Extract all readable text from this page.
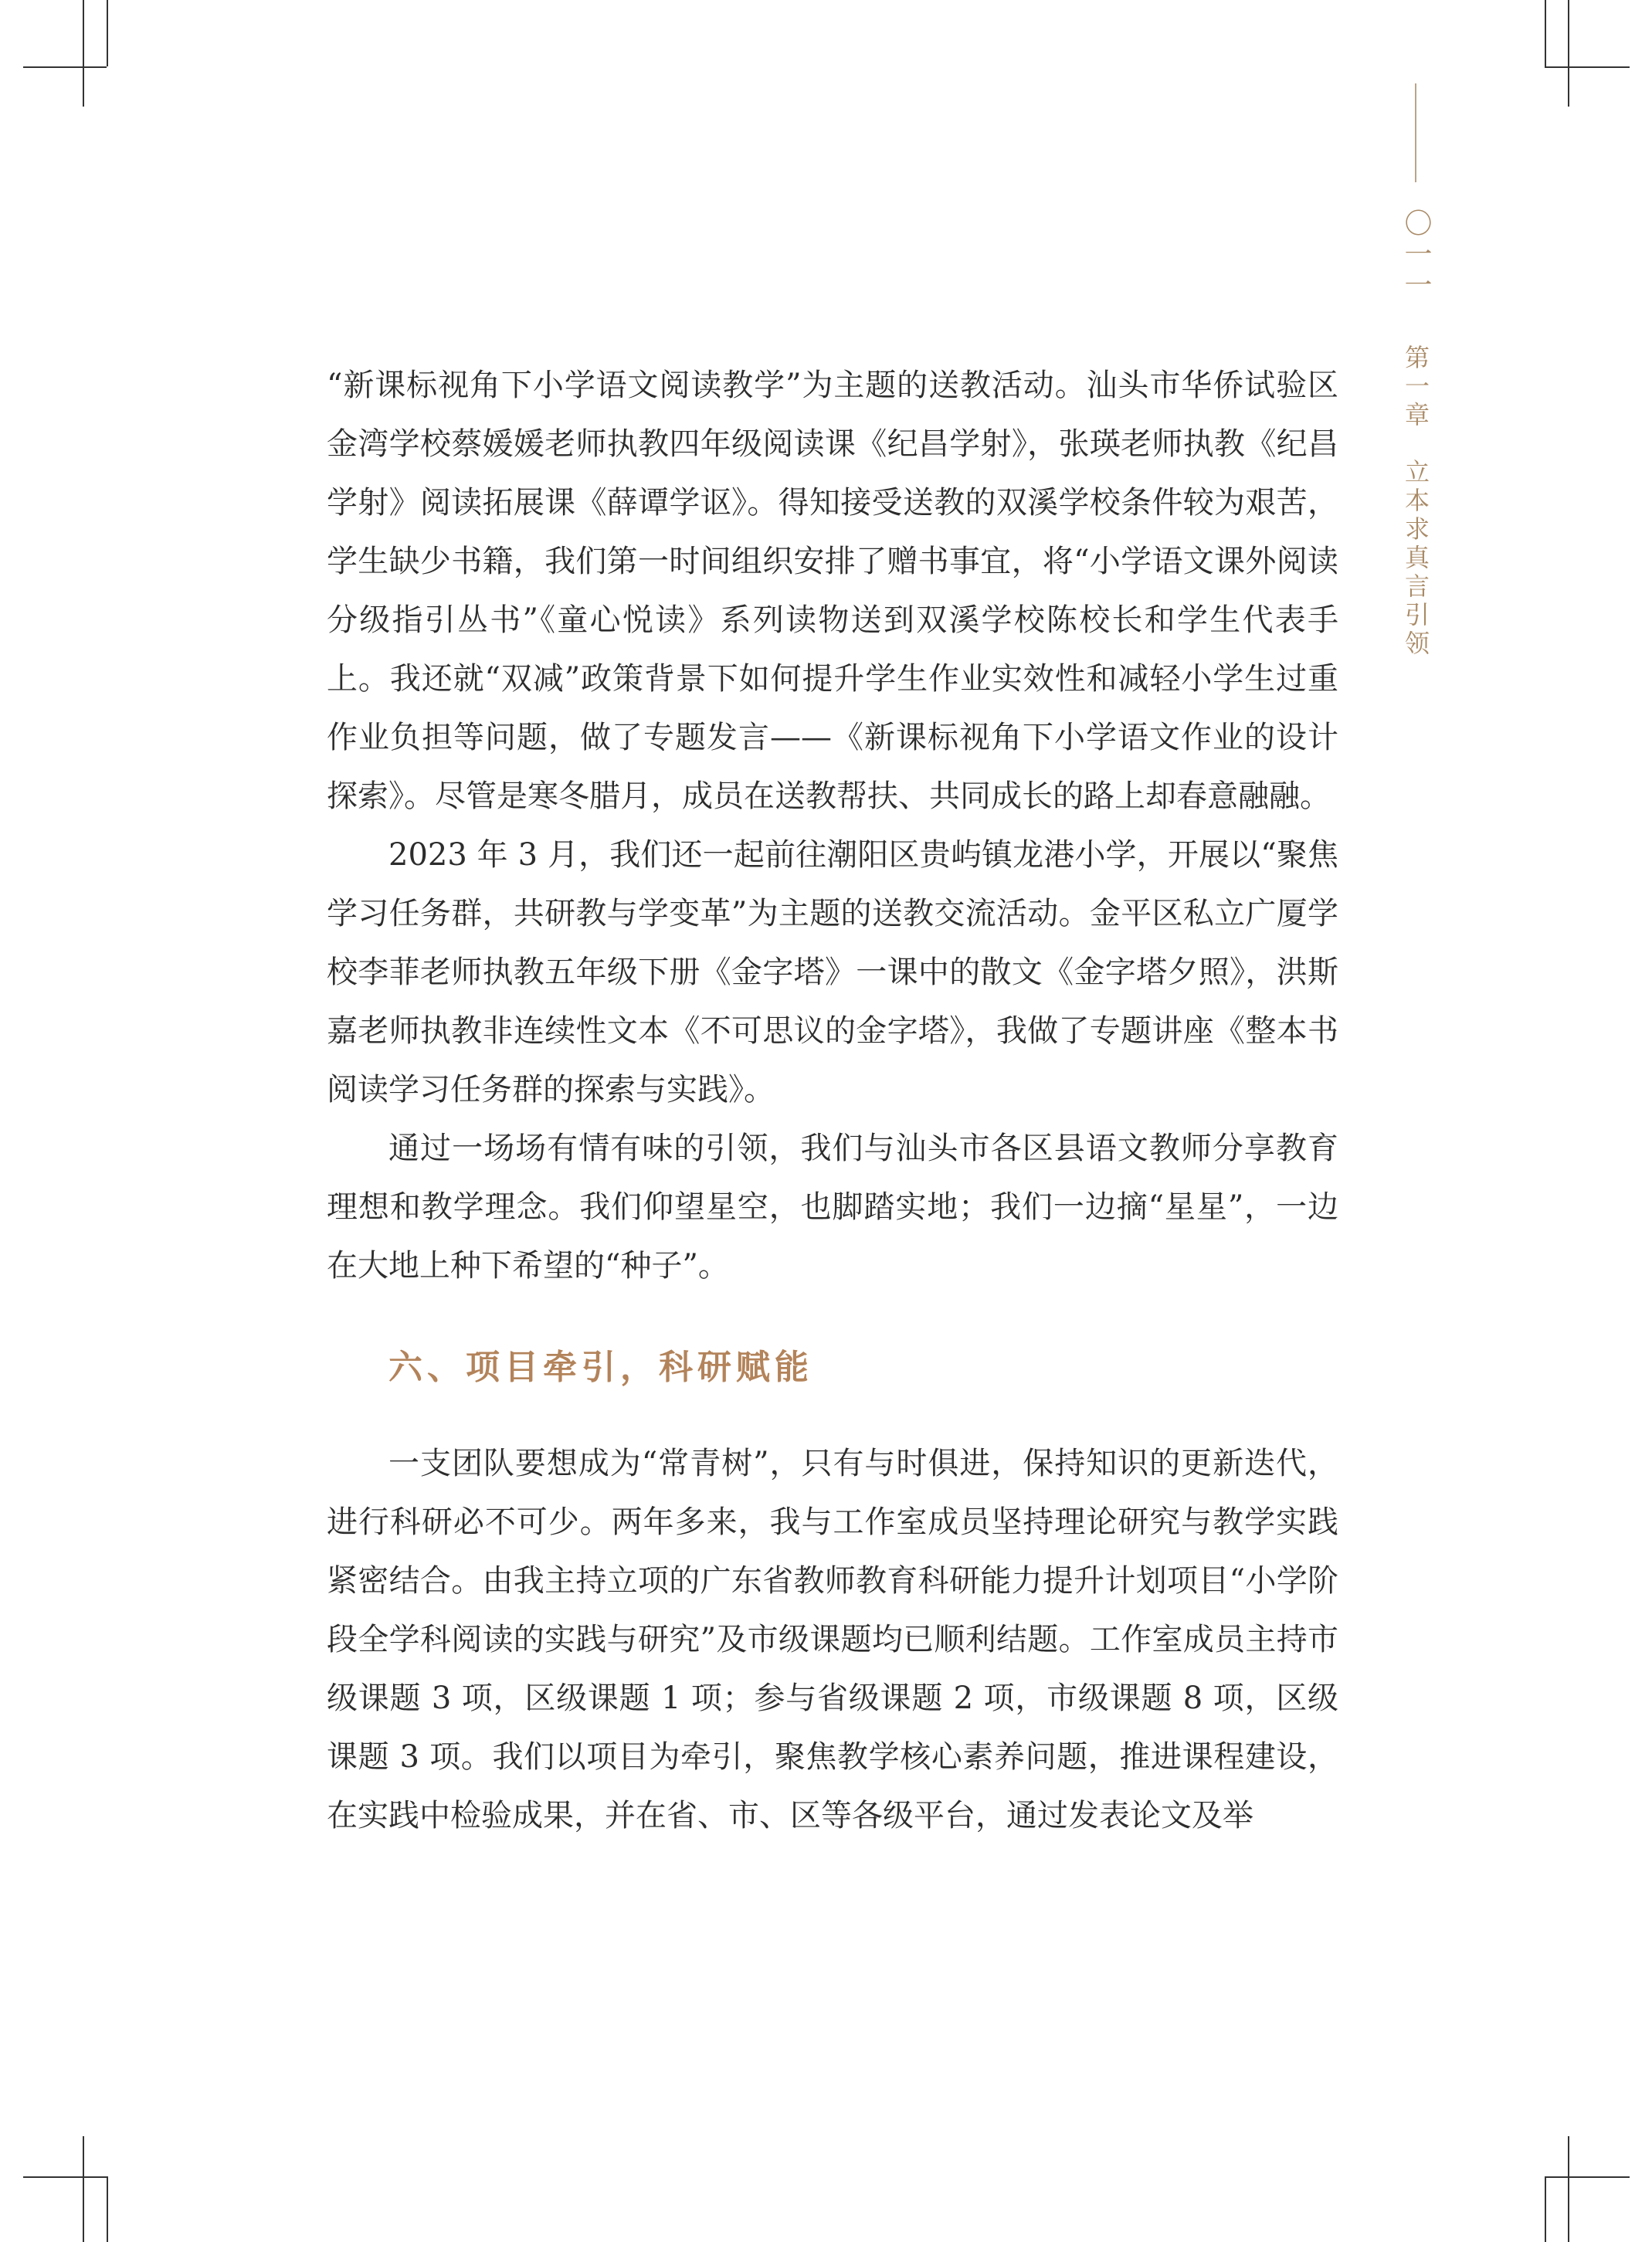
〇一一
第一章　立本求真言引领

“新课标视角下小学语文阅读教学”为主题的送教活动。汕头市华侨试验区金湾学校蔡媛媛老师执教四年级阅读课《纪昌学射》，张瑛老师执教《纪昌学射》阅读拓展课《薛谭学讴》。得知接受送教的双溪学校条件较为艰苦，学生缺少书籍，我们第一时间组织安排了赠书事宜，将“小学语文课外阅读分级指引丛书”《童心悦读》系列读物送到双溪学校陈校长和学生代表手上。我还就“双减”政策背景下如何提升学生作业实效性和减轻小学生过重作业负担等问题，做了专题发言——《新课标视角下小学语文作业的设计探索》。尽管是寒冬腊月，成员在送教帮扶、共同成长的路上却春意融融。

2023 年 3 月，我们还一起前往潮阳区贵屿镇龙港小学，开展以“聚焦学习任务群，共研教与学变革”为主题的送教交流活动。金平区私立广厦学校李菲老师执教五年级下册《金字塔》一课中的散文《金字塔夕照》，洪斯嘉老师执教非连续性文本《不可思议的金字塔》，我做了专题讲座《整本书阅读学习任务群的探索与实践》。

通过一场场有情有味的引领，我们与汕头市各区县语文教师分享教育理想和教学理念。我们仰望星空，也脚踏实地；我们一边摘“星星”，一边在大地上种下希望的“种子”。

六、项目牵引，科研赋能

一支团队要想成为“常青树”，只有与时俱进，保持知识的更新迭代，进行科研必不可少。两年多来，我与工作室成员坚持理论研究与教学实践紧密结合。由我主持立项的广东省教师教育科研能力提升计划项目“小学阶段全学科阅读的实践与研究”及市级课题均已顺利结题。工作室成员主持市级课题 3 项，区级课题 1 项；参与省级课题 2 项，市级课题 8 项，区级课题 3 项。我们以项目为牵引，聚焦教学核心素养问题，推进课程建设，在实践中检验成果，并在省、市、区等各级平台，通过发表论文及举
